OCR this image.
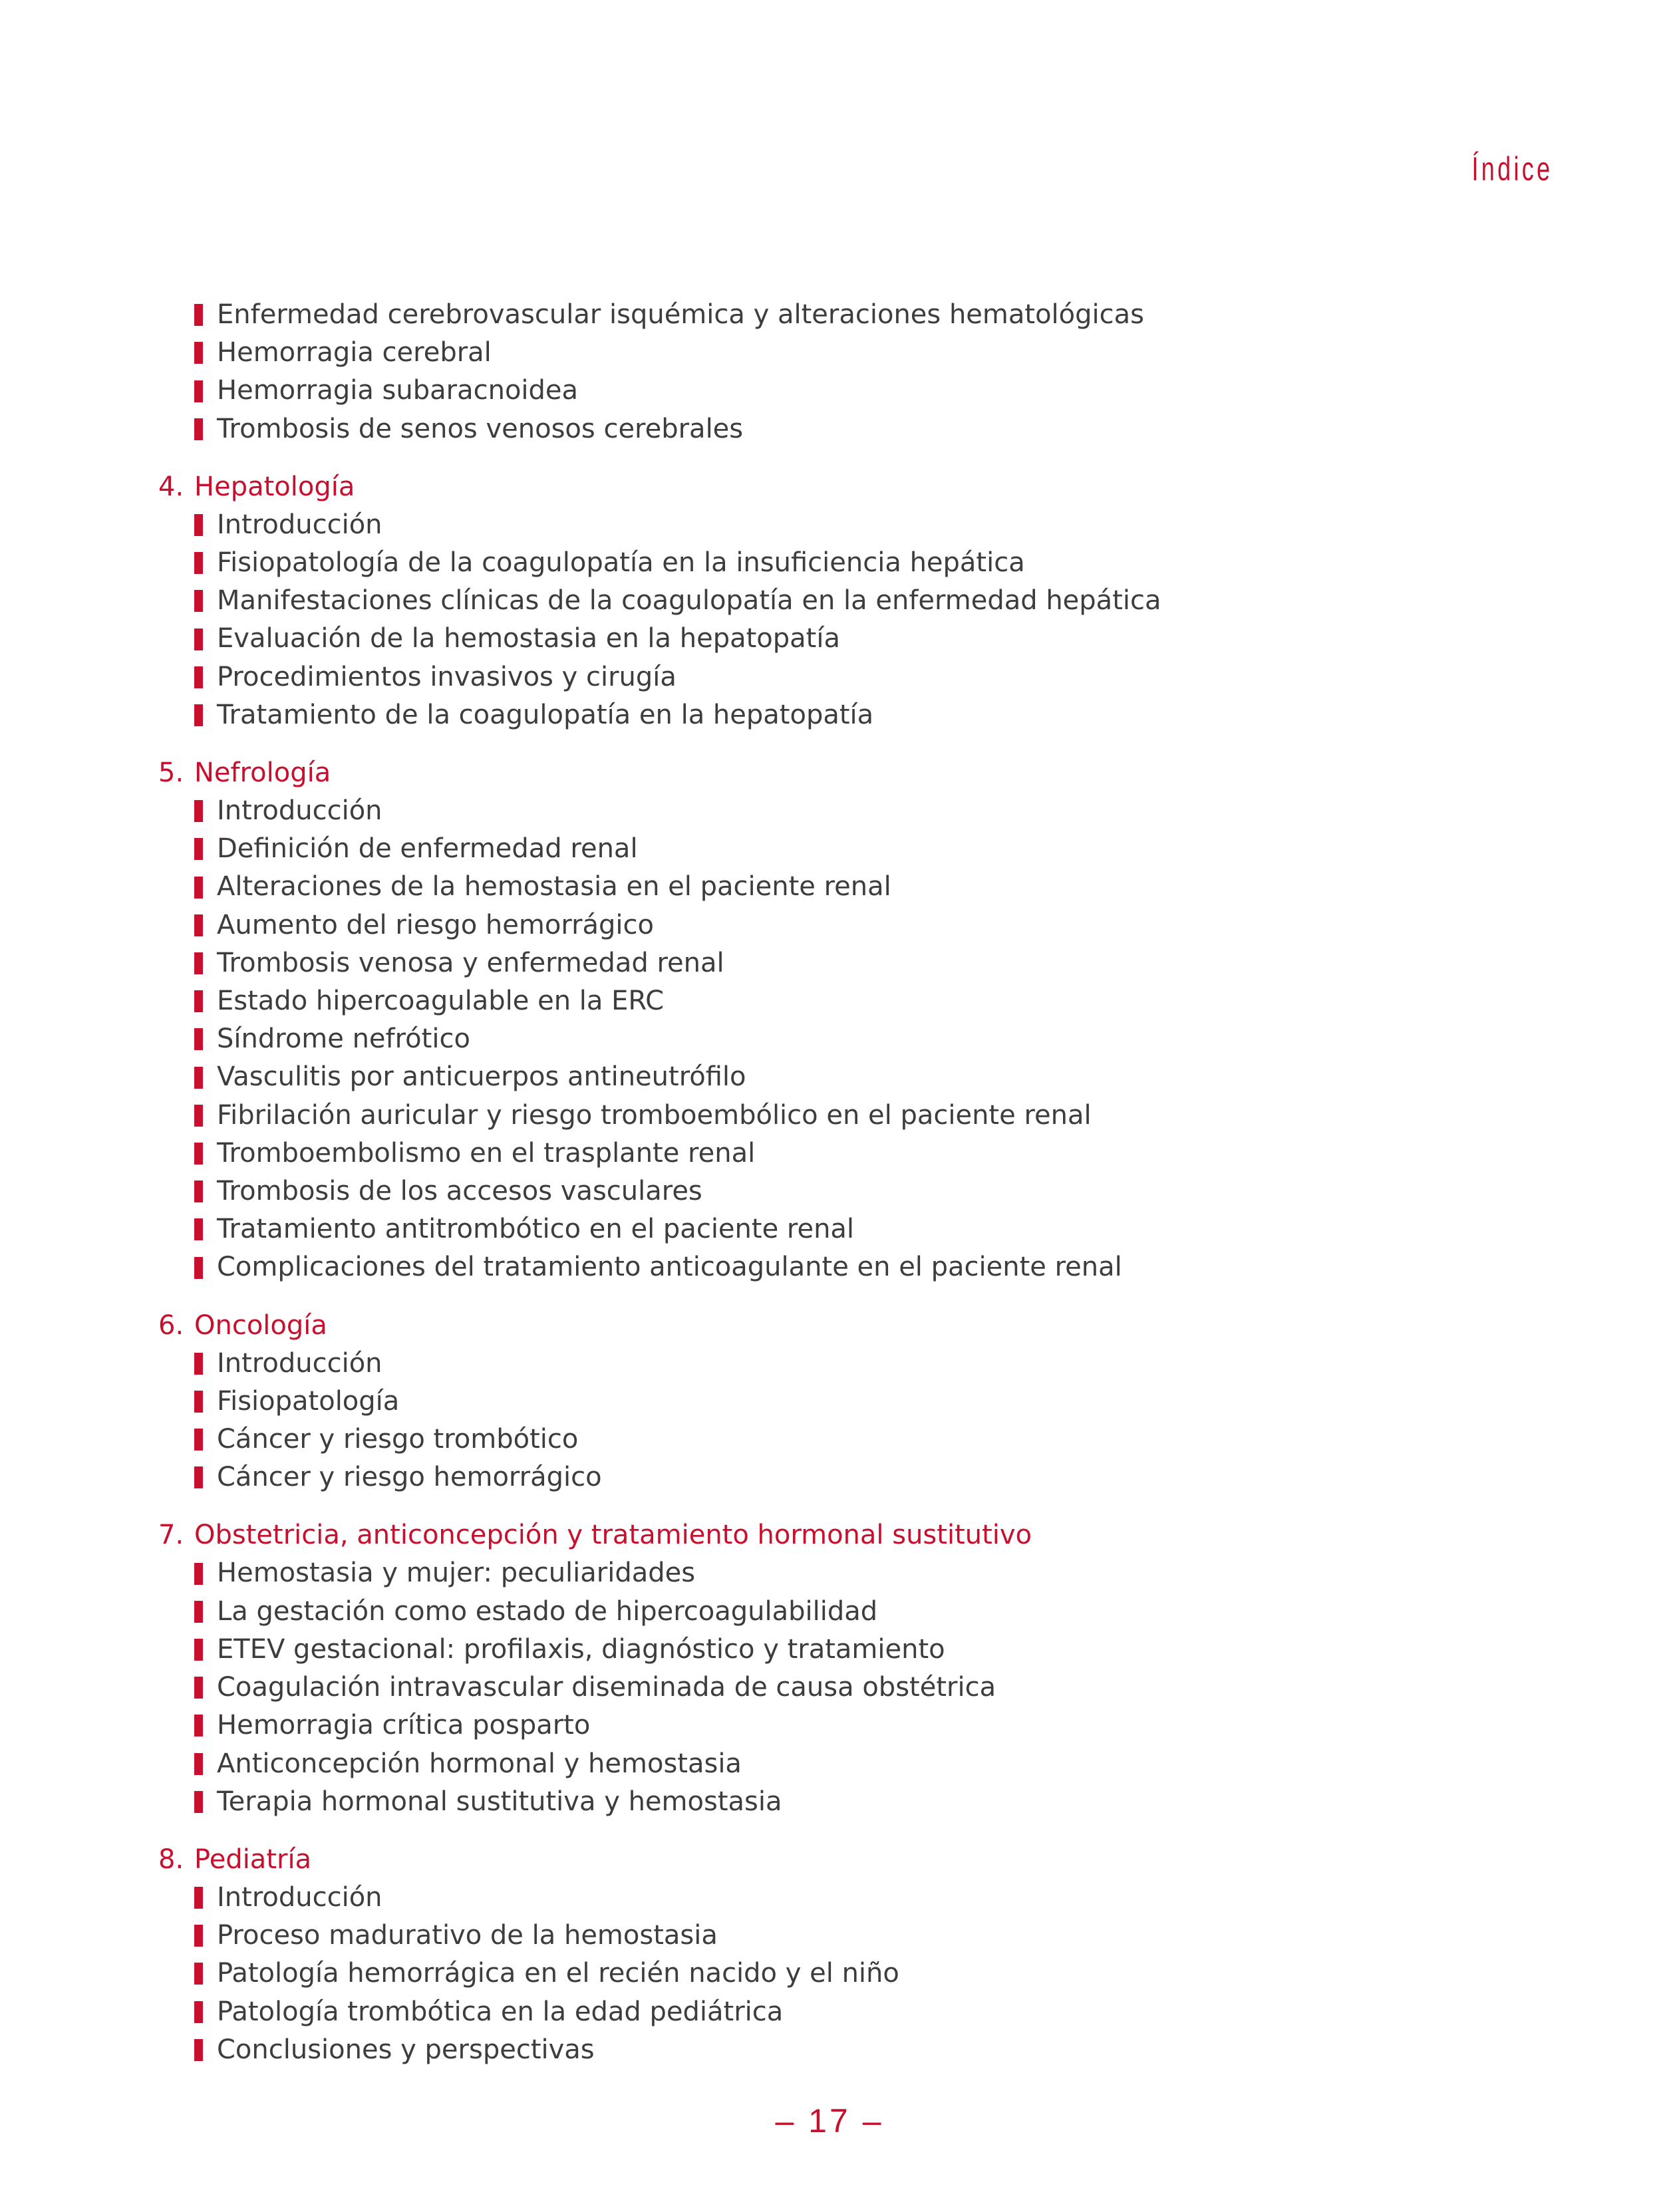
Índice
Enfermedad cerebrovascular isquémica y alteraciones hematológicas
Hemorragia cerebral
Hemorragia subaracnoidea
Trombosis de senos venosos cerebrales
4. Hepatología
Introducción
Fisiopatología de la coagulopatía en la insuficiencia hepática
Manifestaciones clínicas de la coagulopatía en la enfermedad hepática
Evaluación de la hemostasia en la hepatopatía
Procedimientos invasivos y cirugía
Tratamiento de la coagulopatía en la hepatopatía
5. Nefrología
Introducción
Definición de enfermedad renal
Alteraciones de la hemostasia en el paciente renal
Aumento del riesgo hemorrágico
Trombosis venosa y enfermedad renal
Estado hipercoagulable en la ERC
Síndrome nefrótico
Vasculitis por anticuerpos antineutrófilo
Fibrilación auricular y riesgo tromboembólico en el paciente renal
Tromboembolismo en el trasplante renal
Trombosis de los accesos vasculares
Tratamiento antitrombótico en el paciente renal
Complicaciones del tratamiento anticoagulante en el paciente renal
6. Oncología
Introducción
Fisiopatología
Cáncer y riesgo trombótico
Cáncer y riesgo hemorrágico
7. Obstetricia, anticoncepción y tratamiento hormonal sustitutivo
Hemostasia y mujer: peculiaridades
La gestación como estado de hipercoagulabilidad
ETEV gestacional: profilaxis, diagnóstico y tratamiento
Coagulación intravascular diseminada de causa obstétrica
Hemorragia crítica posparto
Anticoncepción hormonal y hemostasia
Terapia hormonal sustitutiva y hemostasia
8. Pediatría
Introducción
Proceso madurativo de la hemostasia
Patología hemorrágica en el recién nacido y el niño
Patología trombótica en la edad pediátrica
Conclusiones y perspectivas
– 17 –
